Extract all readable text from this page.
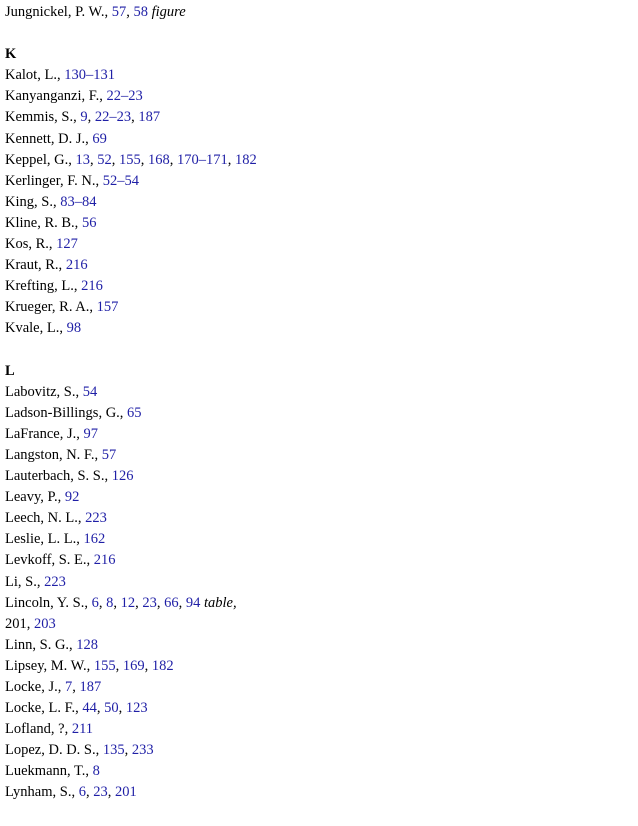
Jungnickel, P. W., 57, 58 figure
K
Kalot, L., 130–131
Kanyanganzi, F., 22–23
Kemmis, S., 9, 22–23, 187
Kennett, D. J., 69
Keppel, G., 13, 52, 155, 168, 170–171, 182
Kerlinger, F. N., 52–54
King, S., 83–84
Kline, R. B., 56
Kos, R., 127
Kraut, R., 216
Krefting, L., 216
Krueger, R. A., 157
Kvale, L., 98
L
Labovitz, S., 54
Ladson-Billings, G., 65
LaFrance, J., 97
Langston, N. F., 57
Lauterbach, S. S., 126
Leavy, P., 92
Leech, N. L., 223
Leslie, L. L., 162
Levkoff, S. E., 216
Li, S., 223
Lincoln, Y. S., 6, 8, 12, 23, 66, 94 table,
201, 203
Linn, S. G., 128
Lipsey, M. W., 155, 169, 182
Locke, J., 7, 187
Locke, L. F., 44, 50, 123
Lofland, ?, 211
Lopez, D. D. S., 135, 233
Luekmann, T., 8
Lynham, S., 6, 23, 201
